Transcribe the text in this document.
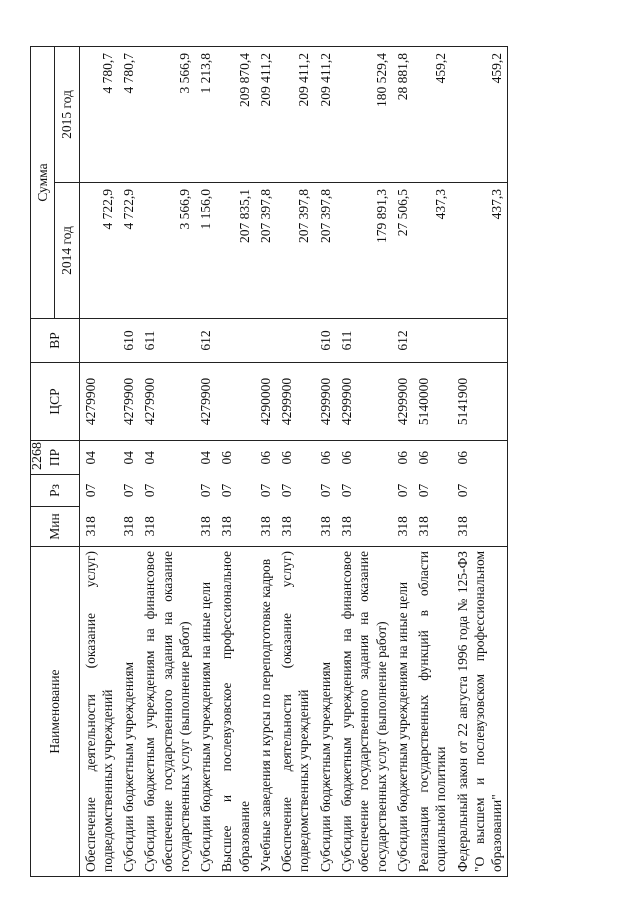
2268
Наименование	Мин	Рз	ПР	ЦСР	ВР	Сумма	
						2014 год	2015 год
Обеспечение деятельности (оказание услуг) подведомственных учреждений	318	07	04	4279900		4 722,9	4 780,7
Субсидии бюджетным учреждениям	318	07	04	4279900	610	4 722,9	4 780,7
Субсидии бюджетным учреждениям на финансовое обеспечение государственного задания на оказание государственных услуг (выполнение работ)	318	07	04	4279900	611	3 566,9	3 566,9
Субсидии бюджетным учреждениям на иные цели	318	07	04	4279900	612	1 156,0	1 213,8
Высшее и послевузовское профессиональное образование	318	07	06			207 835,1	209 870,4
Учебные заведения и курсы по переподготовке кадров	318	07	06	4290000		207 397,8	209 411,2
Обеспечение деятельности (оказание услуг) подведомственных учреждений	318	07	06	4299900		207 397,8	209 411,2
Субсидии бюджетным учреждениям	318	07	06	4299900	610	207 397,8	209 411,2
Субсидии бюджетным учреждениям на финансовое обеспечение государственного задания на оказание государственных услуг (выполнение работ)	318	07	06	4299900	611	179 891,3	180 529,4
Субсидии бюджетным учреждениям на иные цели	318	07	06	4299900	612	27 506,5	28 881,8
Реализация государственных функций в области социальной политики	318	07	06	5140000		437,3	459,2
Федеральный закон от 22 августа 1996 года № 125-ФЗ "О высшем и послевузовском профессиональном образовании"	318	07	06	5141900		437,3	459,2
